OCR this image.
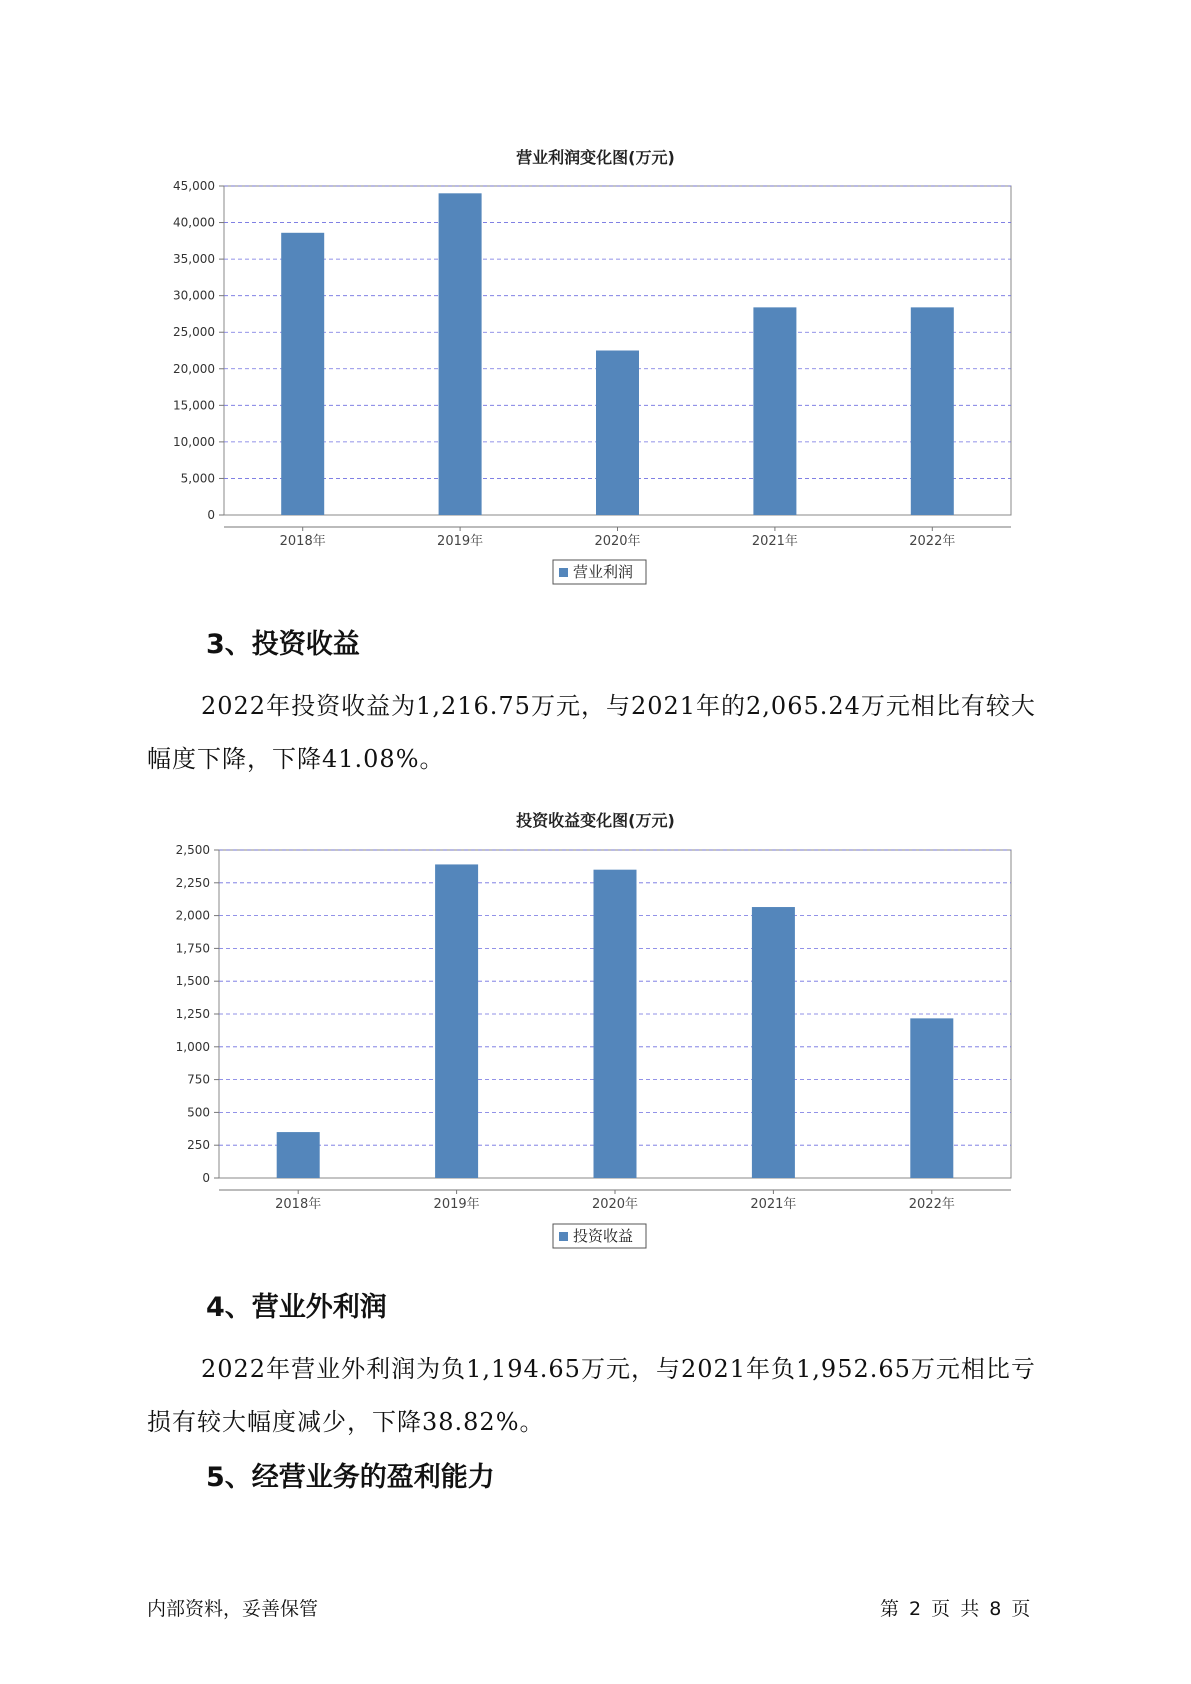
营业利润变化图(万元)
0
5,000
10,000
15,000
20,000
25,000
30,000
35,000
40,000
45,000
2018年	2019年	2020年	2021年	2022年
营业利润
3、投资收益

2022年投资收益为1,216.75万元，与2021年的2,065.24万元相比有较大幅度下降，下降41.08%。

投资收益变化图(万元)
0
250
500
750
1,000
1,250
1,500
1,750
2,000
2,250
2,500
2018年	2019年	2020年	2021年	2022年
投资收益
4、营业外利润

2022年营业外利润为负1,194.65万元，与2021年负1,952.65万元相比亏损有较大幅度减少，下降38.82%。

5、经营业务的盈利能力
内部资料，妥善保管	第 2 页 共 8 页
